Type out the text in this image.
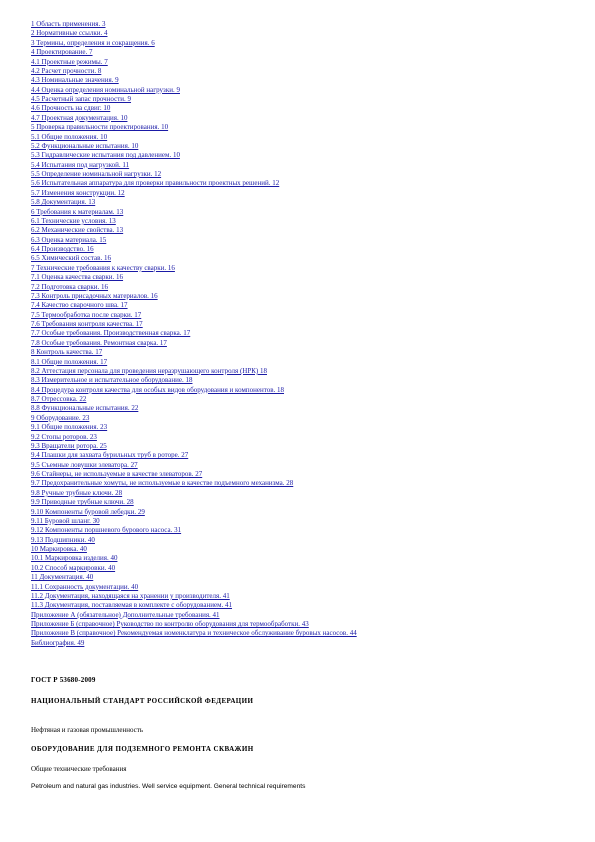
1 Область применения. 3
2 Нормативные ссылки. 4
3 Термины, определения и сокращения. 6
4 Проектирование. 7
4.1 Проектные режимы. 7
4.2 Расчет прочности. 8
4.3 Номинальные значения. 9
4.4 Оценка определения номинальной нагрузки. 9
4.5 Расчетный запас прочности. 9
4.6 Прочность на сдвиг. 10
4.7 Проектная документация. 10
5 Проверка правильности проектирования. 10
5.1 Общие положения. 10
5.2 Функциональные испытания. 10
5.3 Гидравлические испытания под давлением. 10
5.4 Испытания под нагрузкой. 11
5.5 Определение номинальной нагрузки. 12
5.6 Испытательная аппаратура для проверки правильности проектных решений. 12
5.7 Изменения конструкции. 12
5.8 Документация. 13
6 Требования к материалам. 13
6.1 Технические условия. 13
6.2 Механические свойства. 13
6.3 Оценка материала. 15
6.4 Производство. 16
6.5 Химический состав. 16
7 Технические требования к качеству сварки. 16
7.1 Оценка качества сварки. 16
7.2 Подготовка сварки. 16
7.3 Контроль присадочных материалов. 16
7.4 Качество сварочного шва. 17
7.5 Термообработка после сварки. 17
7.6 Требования контроля качества. 17
7.7 Особые требования. Производственная сварка. 17
7.8 Особые требования. Ремонтная сварка. 17
8 Контроль качества. 17
8.1 Общие положения. 17
8.2 Аттестация персонала для проведения неразрушающего контроля (НРК) 18
8.3 Измерительное и испытательное оборудование. 18
8.4 Процедура контроля качества для особых видов оборудования и компонентов. 18
8.7 Отрессовка. 22
8.8 Функциональные испытания. 22
9 Оборудование. 23
9.1 Общие положения. 23
9.2 Стопы роторов. 23
9.3 Вращатели ротора. 25
9.4 Плашки для захвата бурильных труб в роторе. 27
9.5 Съемные ловушки элеватора. 27
9.6 Стайнеры, не используемые в качестве элеваторов. 27
9.7 Предохранительные хомуты, не используемые в качестве подъемного механизма. 28
9.8 Ручные трубные ключи. 28
9.9 Приводные трубные ключи. 28
9.10 Компоненты буровой лебедки. 29
9.11 Буровой шланг. 30
9.12 Компоненты поршневого бурового насоса. 31
9.13 Подшипники. 40
10 Маркировка. 40
10.1 Маркировка изделия. 40
10.2 Способ маркировки. 40
11 Документация. 40
11.1 Сохранность документации. 40
11.2 Документация, находящаяся на хранении у производителя. 41
11.3 Документация, поставляемая в комплекте с оборудованием. 41
Приложение А (обязательное) Дополнительные требования. 41
Приложение Б (справочное) Руководство по контролю оборудования для термообработки. 43
Приложение В (справочное) Рекомендуемая номенклатура и техническое обслуживание буровых насосов. 44
Библиография. 49
ГОСТ Р 53680-2009
НАЦИОНАЛЬНЫЙ СТАНДАРТ РОССИЙСКОЙ ФЕДЕРАЦИИ
Нефтяная и газовая промышленность
ОБОРУДОВАНИЕ ДЛЯ ПОДЗЕМНОГО РЕМОНТА СКВАЖИН
Общие технические требования
Petroleum and natural gas industries. Well service equipment. General technical requirements
